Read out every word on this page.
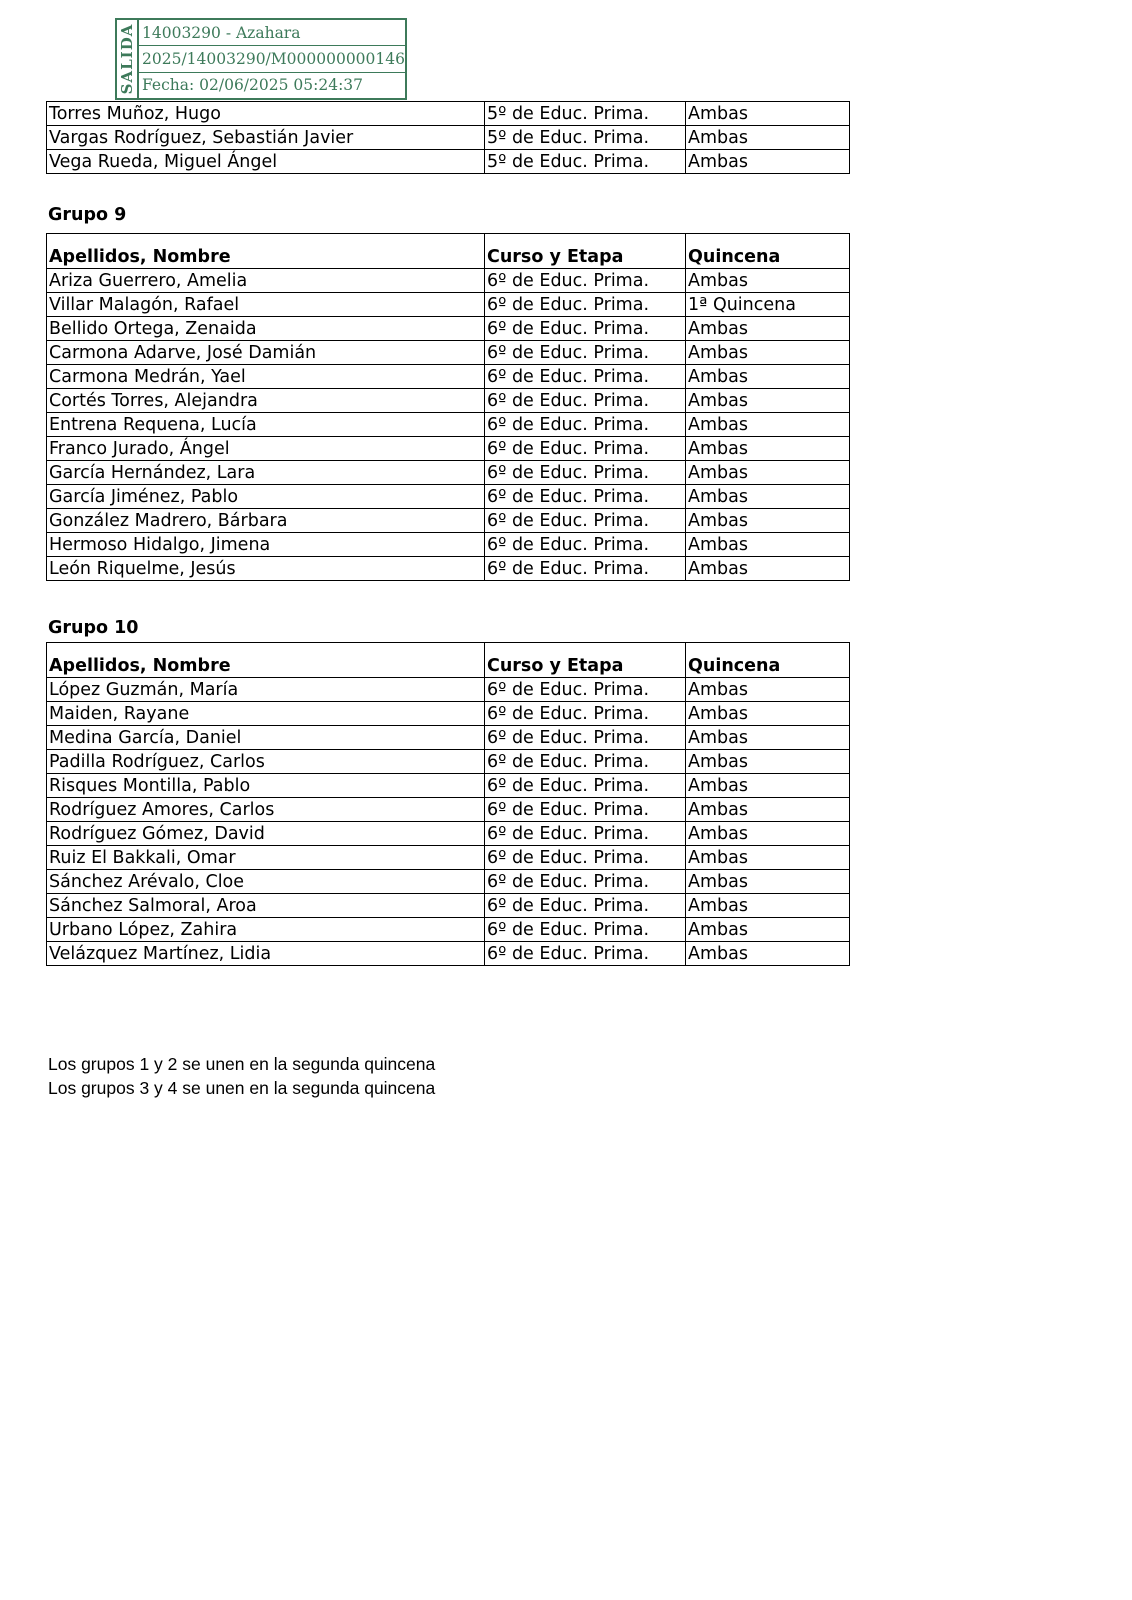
SALIDA 14003290 - Azahara
2025/14003290/M000000000146
Fecha: 02/06/2025 05:24:37
Torres Muñoz, Hugo	5º de Educ. Prima.	Ambas
Vargas Rodríguez, Sebastián Javier	5º de Educ. Prima.	Ambas
Vega Rueda, Miguel Ángel	5º de Educ. Prima.	Ambas
Grupo 9
Apellidos, Nombre	Curso y Etapa	Quincena
Ariza Guerrero, Amelia	6º de Educ. Prima.	Ambas
Villar Malagón, Rafael	6º de Educ. Prima.	1ª Quincena
Bellido Ortega, Zenaida	6º de Educ. Prima.	Ambas
Carmona Adarve, José Damián	6º de Educ. Prima.	Ambas
Carmona Medrán, Yael	6º de Educ. Prima.	Ambas
Cortés Torres, Alejandra	6º de Educ. Prima.	Ambas
Entrena Requena, Lucía	6º de Educ. Prima.	Ambas
Franco Jurado, Ángel	6º de Educ. Prima.	Ambas
García Hernández, Lara	6º de Educ. Prima.	Ambas
García Jiménez, Pablo	6º de Educ. Prima.	Ambas
González Madrero, Bárbara	6º de Educ. Prima.	Ambas
Hermoso Hidalgo, Jimena	6º de Educ. Prima.	Ambas
León Riquelme, Jesús	6º de Educ. Prima.	Ambas
Grupo 10
Apellidos, Nombre	Curso y Etapa	Quincena
López Guzmán, María	6º de Educ. Prima.	Ambas
Maiden, Rayane	6º de Educ. Prima.	Ambas
Medina García, Daniel	6º de Educ. Prima.	Ambas
Padilla Rodríguez, Carlos	6º de Educ. Prima.	Ambas
Risques Montilla, Pablo	6º de Educ. Prima.	Ambas
Rodríguez Amores, Carlos	6º de Educ. Prima.	Ambas
Rodríguez Gómez, David	6º de Educ. Prima.	Ambas
Ruiz El Bakkali, Omar	6º de Educ. Prima.	Ambas
Sánchez Arévalo, Cloe	6º de Educ. Prima.	Ambas
Sánchez Salmoral, Aroa	6º de Educ. Prima.	Ambas
Urbano López, Zahira	6º de Educ. Prima.	Ambas
Velázquez Martínez, Lidia	6º de Educ. Prima.	Ambas
Los grupos 1 y 2 se unen en la segunda quincena
Los grupos 3 y 4 se unen en la segunda quincena
